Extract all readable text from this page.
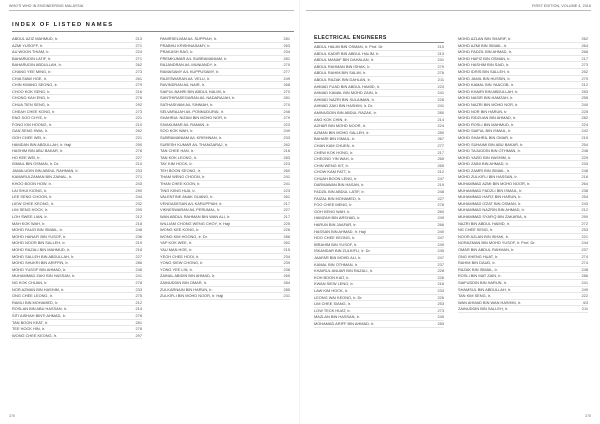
WHO'S WHO IN ENGINEERING MALAYSIA
INDEX OF LISTED NAMES
ABDUL AZIZ MAHMUD, Ir.	213
AZMI YUSOFF, Ir.	271
AU WOON THIAM, Ir.	224
BAHARUDIN LATIF, Ir.	271
BAHARUDIN ABDULLAH, Ir.	262
CHANG YEE MING, Ir.	273
CHIA SIAW HOE, Ir.	261
CHIN KWANG SEONG, Ir.	279
CHOO KOK SENG, Ir.	216
CHONG KAH ENG, Ir.	276
CHUA TIEN SENG, Ir.	292
CHEAH CHEE KONG, Ir.	273
ENG SOO CHYE, Ir.	221
FONG KIN HOONG, Ir.	210
GAN SENG HWA, Ir.	262
GOH CHEE WEI, Ir.	221
HAMDAN BIN ABDULLAH, Ir. Haji	290
HASHIM BIN ABU BAKAR, Ir.	276
HO KEE WEI, Ir.	227
ISMAIL BIN OSMAN, Ir. Dr.	210
JAMALUDIN BIN ABDUL RAHMAN, Ir.	233
KAMARULZAMAN BIN ZAINAL, Ir.	271
KHOO BOON HOW, Ir.	243
LAI SHUI KIONG, Ir.	290
LEE SENG CHOON, Ir.	244
LIEW CHEE KEONG, Ir.	232
LIM SENG HOCK, Ir.	290
LOH SWEE LIAN, Ir.	212
MAH KOK WAH, Ir.	218
MOHD FAUZI BIN ISMAIL, Ir.	248
MOHD HANAFI BIN YUSOF, Ir.	236
MOHD NOOR BIN SALLEH, Ir.	219
MOHD RAZALI BIN MAHMUD, Ir.	218
MOHD SALLEH BIN ABDULLAH, Ir.	227
MOHD SHUKRI BIN ARIFFIN, Ir.	286
MOHD YUSOF BIN AHMAD, Ir.	248
MUHAMMAD ZAKI BIN HASSAN, Ir.	241
NG KOK CHUAN, Ir.	278
NOR AZMAN BIN HASHIM, Ir.	233
ONG CHEE LEONG, Ir.	275
RAMLI BIN MOHAMED, Ir.	212
ROSLAN BIN ABU HASSAN, Ir.	214
SITI AISHAH BINTI AHMAD, Ir.	276
TAN BOON KEAT, Ir.	281
TEE HOCK HIN, Ir.	276
WONG CHEE KEONG, Ir.	297
PANIRSELVAM A/L SUPPIAH, Ir.	281
PRABHU KRISHNASAMY, Ir.	263
PRAKASH RAO, Ir.	234
PREMKUMAR A/L SUBRAMANIAM, Ir.	281
RAJANDRAN A/L MUNIANDY, Ir.	270
RAMASAMY A/L KUPPUSAMY, Ir.	277
RAJESWARAN A/L VELU, Ir.	249
RAVINDRAN A/L NAIR, Ir.	268
SAIFUL BAHRI BIN ABDUL HALIM, Ir.	270
SANTHIRASEGARAN A/L NADARAJAH, Ir.	281
SATHASIVAM A/L SINNIAH, Ir.	270
SELVARAJAH A/L PONNUDURAI, Ir.	246
SHAHRUL NIZAM BIN MOHD NOR, Ir.	279
SIVAKUMAR A/L RAMAN, Ir.	223
SOO KOK WAH, Ir.	249
SUBRAMANIAM A/L KRISHNAN, Ir.	233
SURESH KUMAR A/L THANGARAJ, Ir.	262
TAN CHEE HAN, Ir.	216
TAN KOK LEONG, Ir.	283
TAY KIM HOCK, Ir.	223
TEH BOON SEONG, Ir.	260
THAM WENG CHOON, Ir.	241
THAN CHEE KOON, Ir.	241
TING KIING HUA, Ir.	223
VALENTINE ANAK GUANG, Ir.	261
VENGADESAN A/L KARUPPIAH, Ir.	217
VIKNESWARAN A/L PERUMAL, Ir.	227
WAN ABDUL RAHMAN BIN WAN ALI, Ir.	217
WILLIAM CHONG WENG CHOY, Ir. Haji	225
WONG KEE KONG, Ir.	226
WONG KIM HOONG, Ir. Dr.	286
YAP KOK WEE, Ir.	262
YAU MAN HOE, Ir.	215
YEOH CHEE HOOI, Ir.	234
YONG SIEW CHONG, Ir.	239
YONG YEE LIN, Ir.	238
ZAINAL ABIDIN BIN AHMAD, Ir.	265
ZAINUDDIN BIN OMAR, Ir.	284
ZULKARNAIN BIN HARUN, Ir.	285
ZULKIFLI BIN MOHD NOOR, Ir. Haji	231
376
FIRST EDITION, VOLUME 4, 2016
ELECTRICAL ENGINEERS
ABDUL HALIM BIN OSMAN, Ir. Prof. Dr.	210
ABDUL KADIR BIN ABDUL HALIM, Ir.	213
ABDUL MANAF BIN DAHALAN, Ir.	241
ABDUL RAHMAN BIN ISHAK, Ir.	279
ABDUL RAHIM BIN SALIM, Ir.	276
ABDUL RAZAK BIN DAHLAN, Ir.	211
AHMAD FUAD BIN ABDUL HAMID, Ir.	224
AHMAD KAMAL BIN MOHD ZAIN, Ir.	241
AHMAD NAZRI BIN SULAIMAN, Ir.	228
AHMAD ZAKI BIN HASHIM, Ir. Dr.	241
AMINUDDIN BIN ABDUL RAZAK, Ir.	280
ANG KOK CHIN, Ir.	214
AZHAR BIN MOHD NOOR, Ir.	224
AZMAN BIN MOHD SALLEH, Ir.	280
BAHARI BIN ISMAIL, Ir.	267
CHAN KAM CHUEN, Ir.	277
CHEW KOK HONG, Ir.	217
CHEONG YIN WAH, Ir.	265
CHIN WENG KIT, Ir.	265
CHOW KAM FATT, Ir.	212
CHUAH BOON LENG, Ir.	247
DARMAWAN BIN HASAN, Ir.	219
FADZIL BIN ABDUL LATIF, Ir.	248
FAIZAL BIN MOHAMED, Ir.	227
FOO CHEE MENG, Ir.	278
GOH KENG WAH, Ir.	260
HAMZAH BIN ARSHAD, Ir.	249
HARUN BIN JAAFAR, Ir.	266
HASSAN BIN AHMAD, Ir. Haji	240
HOO CHEE KEONG, Ir.	247
IBRAHIM BIN YUSOF, Ir.	249
ISKANDAR BIN ZULKIFLI, Ir. Dr.	245
JAAFAR BIN MOHD ALI, Ir.	247
KAMAL BIN OTHMAN, Ir.	237
KHAIRUL ANUAR BIN RAZALI, Ir.	228
KOH BOON KIAT, Ir.	226
KWAN SIEW LENG, Ir.	216
LAW KIM HOCK, Ir.	233
LEONG WAI KEONG, Ir. Dr.	226
LIM CHEE SIANG, Ir.	253
LOW TECK HUAT, Ir.	273
MAZLAN BIN HASSAN, Ir.	245
MOHAMAD ARIFF BIN AHMAD, Ir.	283
MOHD AZLAN BIN SHARIF, Ir.	262
MOHD AZMI BIN ISMAIL, Ir.	264
MOHD FADZIL BIN AHMAD, Ir.	268
MOHD HAFIZ BIN OSMAN, Ir.	217
MOHD HASHIM BIN SAID, Ir.	273
MOHD IDRIS BIN SALLEH, Ir.	252
MOHD JAMIL BIN HUSSIN, Ir.	279
MOHD KAMAL BIN YAACOB, Ir.	212
MOHD KHAIRI BIN ABDULLAH, Ir.	283
MOHD NASIR BIN HAMZAH, Ir.	255
MOHD NAZRI BIN MOHD NOR, Ir.	240
MOHD NOR BIN HARUN, Ir.	225
MOHD RIDZUAN BIN AHMAD, Ir.	282
MOHD ROSLI BIN MAHMUD, Ir.	224
MOHD SAIFUL BIN ISMAIL, Ir.	242
MOHD SHAHRIL BIN OMAR, Ir.	219
MOHD SUHAIMI BIN ABU BAKAR, Ir.	254
MOHD TAJUDDIN BIN OTHMAN, Ir.	248
MOHD YAZID BIN HASHIM, Ir.	229
MOHD ZAINI BIN AHMAD, Ir.	233
MOHD ZAMRI BIN ISMAIL, Ir.	248
MOHD ZULKIFLI BIN HASSAN, Ir.	216
MUHAMMAD AZMI BIN MOHD NOOR, Ir.	264
MUHAMMAD FADZLI BIN ISMAIL, Ir.	238
MUHAMMAD HAFIZ BIN HARUN, Ir.	254
MUHAMMAD IZZAT BIN OSMAN, Ir.	243
MUHAMMAD NAZRIN BIN AHMAD, Ir.	212
MUHAMMAD SYAFIQ BIN ZAKARIA, Ir.	290
NAZRI BIN ABDUL HAMID, Ir.	272
NG CHEE SENG, Ir.	253
NOOR AZLAN BIN ISHAK, Ir.	221
NORAZMAN BIN MOHD YUSOF, Ir. Prof. Dr.	244
OMAR BIN ABDUL RAHMAN, Ir.	237
ONG KHENG HUAT, Ir.	274
RAHIM BIN DAUD, Ir.	274
RAZAK BIN ISMAIL, Ir.	248
ROSLI BIN MAT ZAIN, Ir.	286
SAIFUDDIN BIN HARUN, Ir.	241
SHAMSUL BIN ABDULLAH, Ir.	249
TAN KIM SENG, Ir.	222
WAN AHMAD BIN WAN HASHIM, Ir.	4/3
ZAINUDDIN BIN SALLEH, Ir.	211
378
